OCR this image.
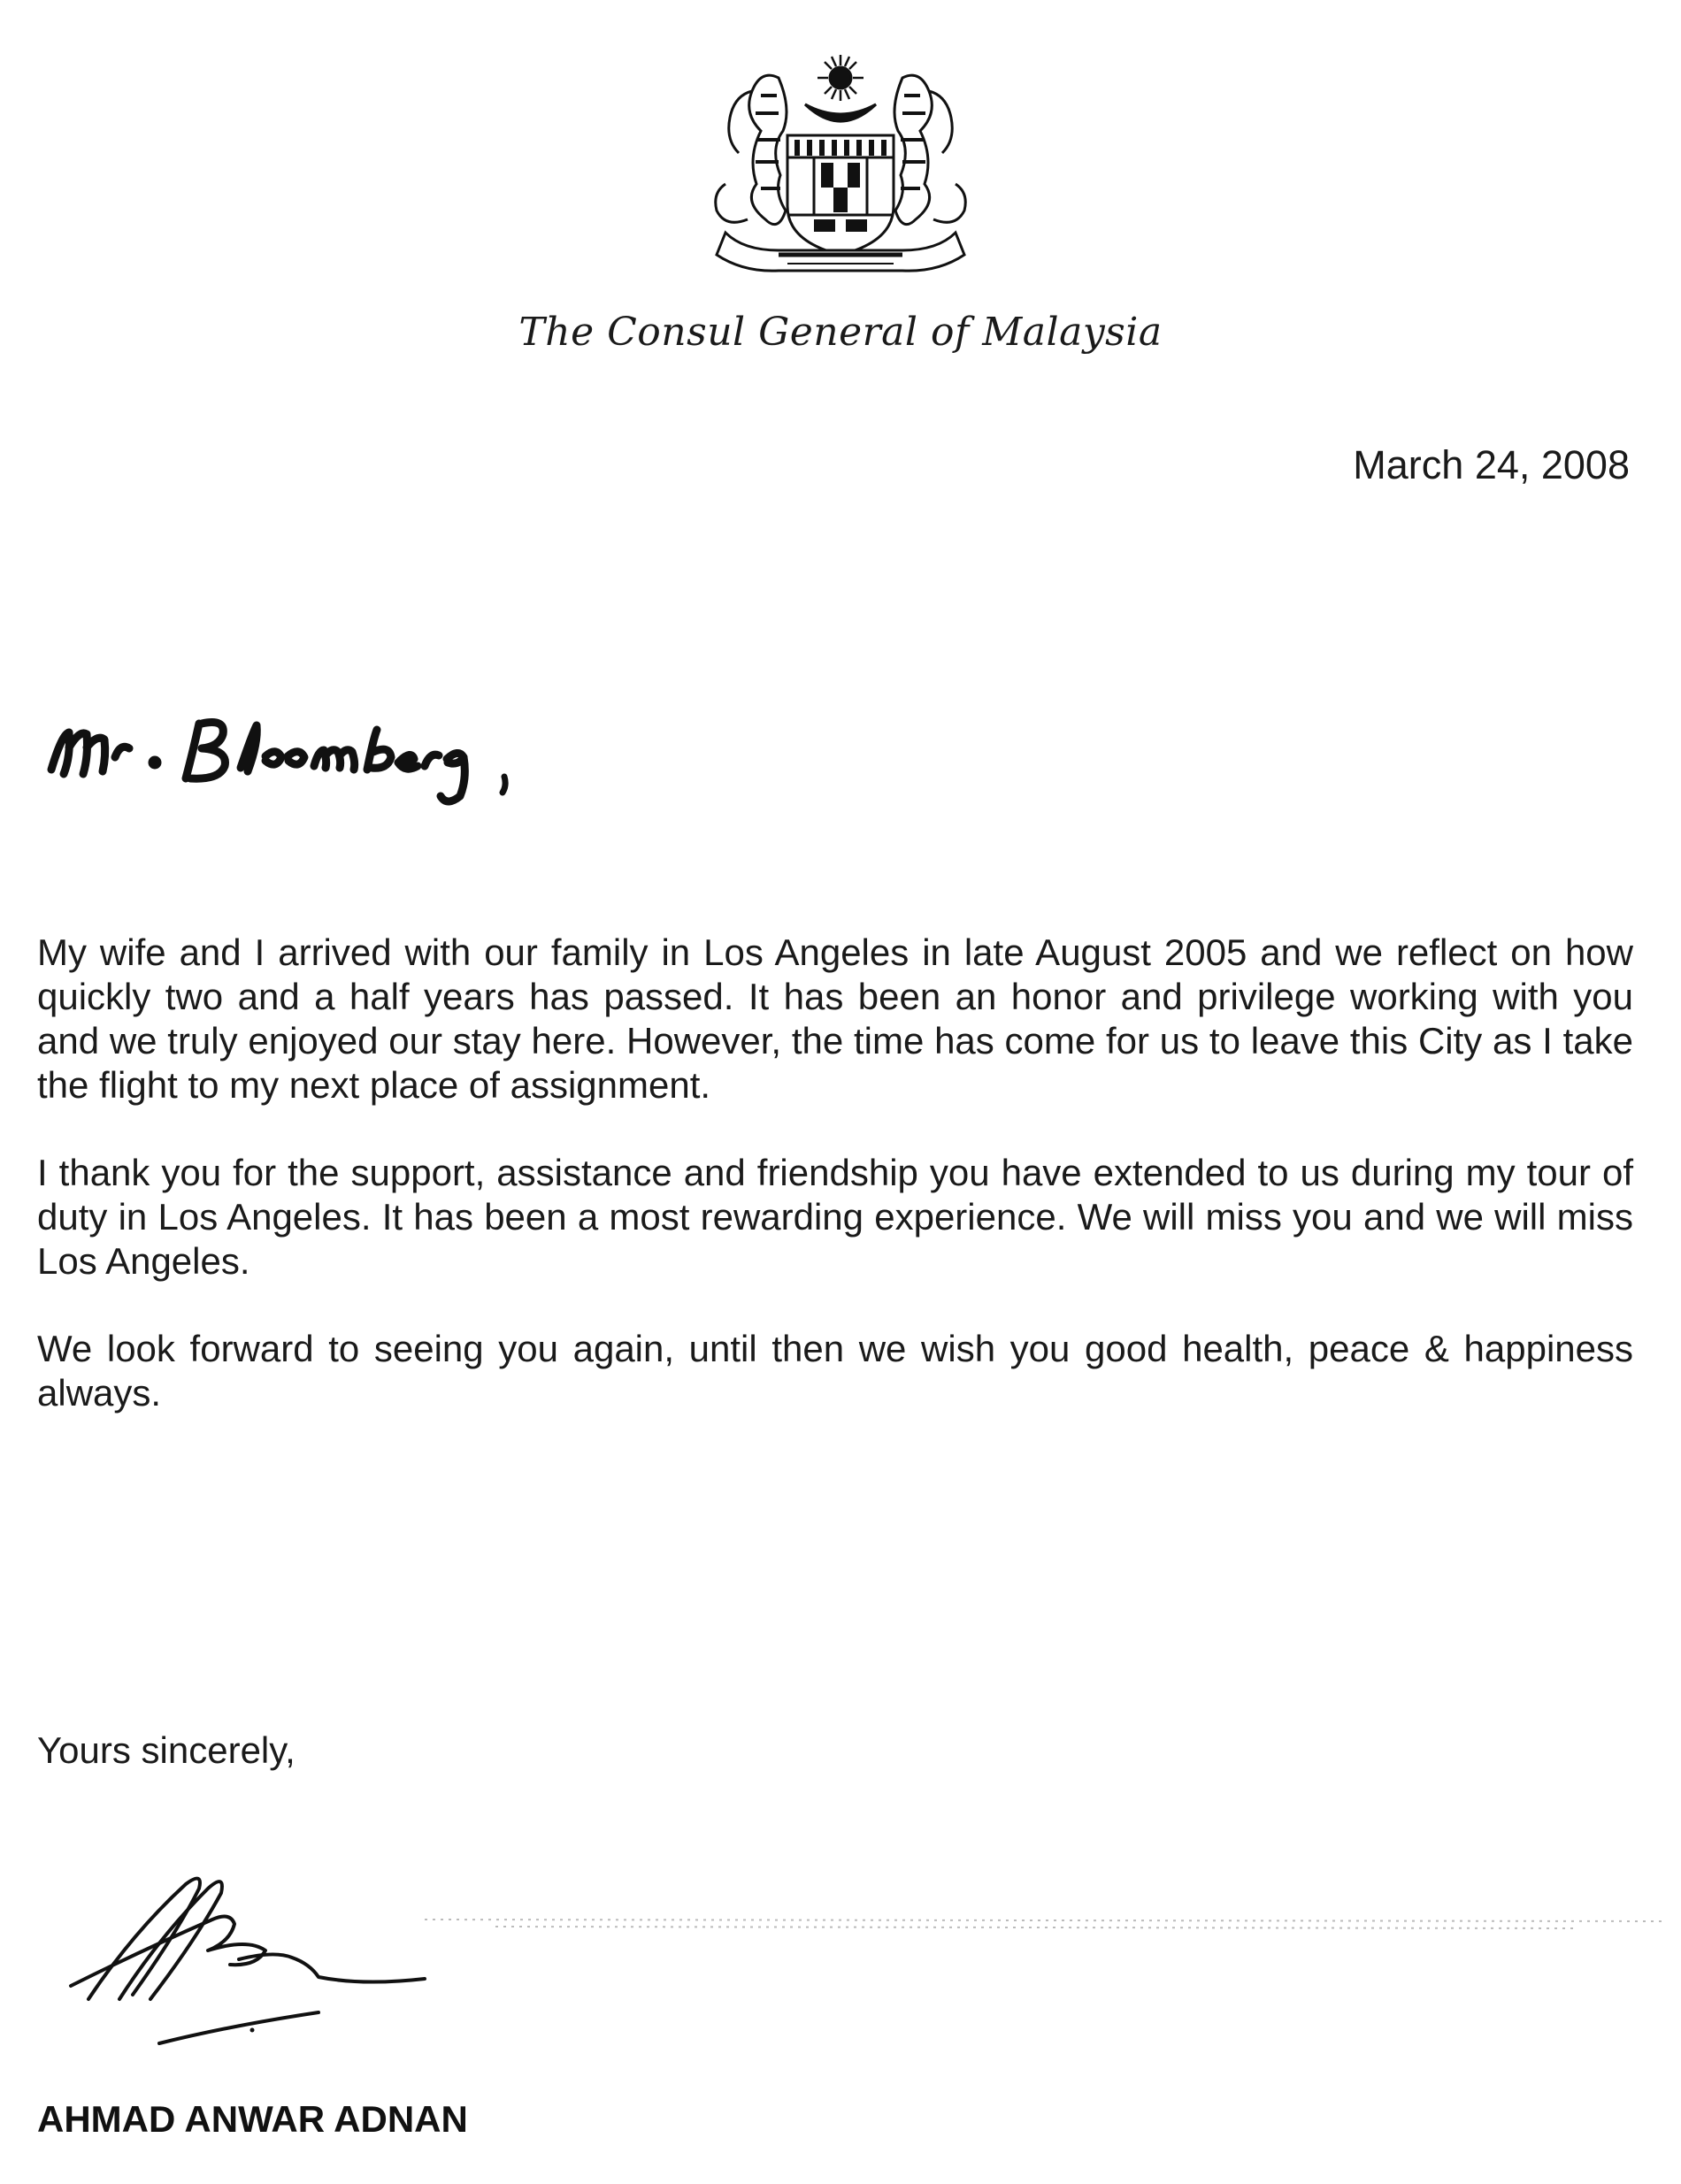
The Consul General of Malaysia
March 24, 2008

My wife and I arrived with our family in Los Angeles in late August 2005 and we reflect on how quickly two and a half years has passed. It has been an honor and privilege working with you and we truly enjoyed our stay here. However, the time has come for us to leave this City as I take the flight to my next place of assignment.

I thank you for the support, assistance and friendship you have extended to us during my tour of duty in Los Angeles. It has been a most rewarding experience. We will miss you and we will miss Los Angeles.

We look forward to seeing you again, until then we wish you good health, peace & happiness always.

Yours sincerely,
AHMAD ANWAR ADNAN
